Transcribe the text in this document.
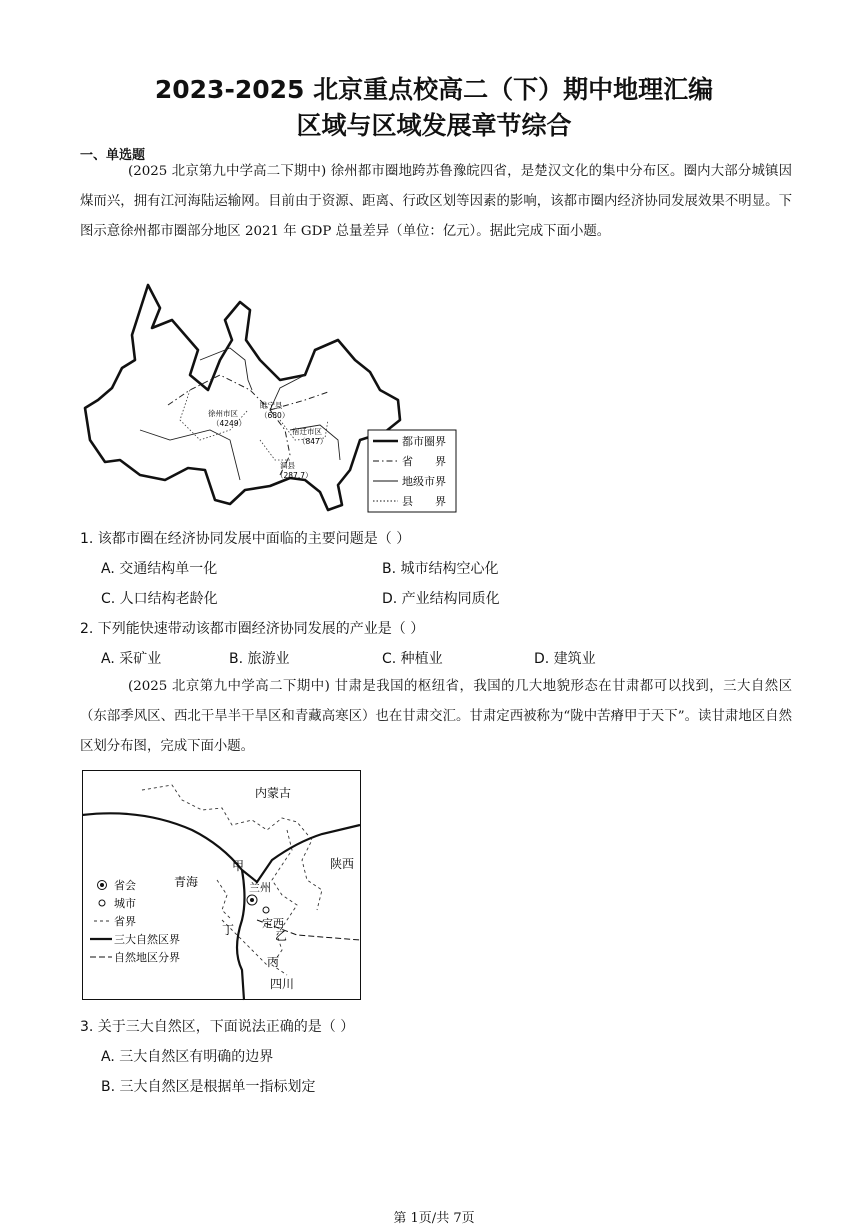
2023-2025 北京重点校高二（下）期中地理汇编
区域与区域发展章节综合
一、单选题
(2025 北京第九中学高二下期中) 徐州都市圈地跨苏鲁豫皖四省，是楚汉文化的集中分布区。圈内大部分城镇因煤而兴，拥有江河海陆运输网。目前由于资源、距离、行政区划等因素的影响，该都市圈内经济协同发展效果不明显。下图示意徐州都市圈部分地区 2021 年 GDP 总量差异（单位：亿元）。据此完成下面小题。
徐州市区
（4249）
睢宁县
（680）
宿迁市区
（847）
泗县
（287.7）
都市圈界
省　　界
地级市界
县　　界
1. 该都市圈在经济协同发展中面临的主要问题是（ ）
A. 交通结构单一化	B. 城市结构空心化
C. 人口结构老龄化	D. 产业结构同质化
2. 下列能快速带动该都市圈经济协同发展的产业是（ ）
A. 采矿业	B. 旅游业	C. 种植业	D. 建筑业
(2025 北京第九中学高二下期中) 甘肃是我国的枢纽省，我国的几大地貌形态在甘肃都可以找到，三大自然区（东部季风区、西北干旱半干旱区和青藏高寒区）也在甘肃交汇。甘肃定西被称为“陇中苦瘠甲于天下”。读甘肃地区自然区划分布图，完成下面小题。
内蒙古
青海
陕西
四川
甲
乙
丙
丁
兰州
定西
省会
城市
省界
三大自然区界
自然地区分界
3. 关于三大自然区，下面说法正确的是（ ）
A. 三大自然区有明确的边界
B. 三大自然区是根据单一指标划定
第 1页/共 7页
